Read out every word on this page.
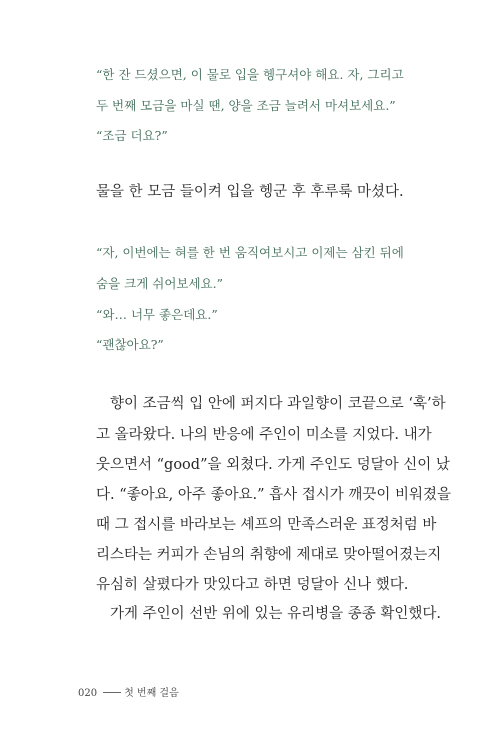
“한 잔 드셨으면, 이 물로 입을 헹구셔야 해요. 자, 그리고
두 번째 모금을 마실 땐, 양을 조금 늘려서 마셔보세요.”
“조금 더요?”
물을 한 모금 들이켜 입을 헹군 후 후루룩 마셨다.
“자, 이번에는 혀를 한 번 움직여보시고 이제는 삼킨 뒤에
숨을 크게 쉬어보세요.”
“와… 너무 좋은데요.”
“괜찮아요?”
향이 조금씩 입 안에 퍼지다 과일향이 코끝으로 ‘훅’하
고 올라왔다. 나의 반응에 주인이 미소를 지었다. 내가
웃으면서 “good”을 외쳤다. 가게 주인도 덩달아 신이 났
다. “좋아요, 아주 좋아요.” 흡사 접시가 깨끗이 비워졌을
때 그 접시를 바라보는 셰프의 만족스러운 표정처럼 바
리스타는 커피가 손님의 취향에 제대로 맞아떨어졌는지
유심히 살폈다가 맛있다고 하면 덩달아 신나 했다.
가게 주인이 선반 위에 있는 유리병을 종종 확인했다.
020	첫 번째 걸음
